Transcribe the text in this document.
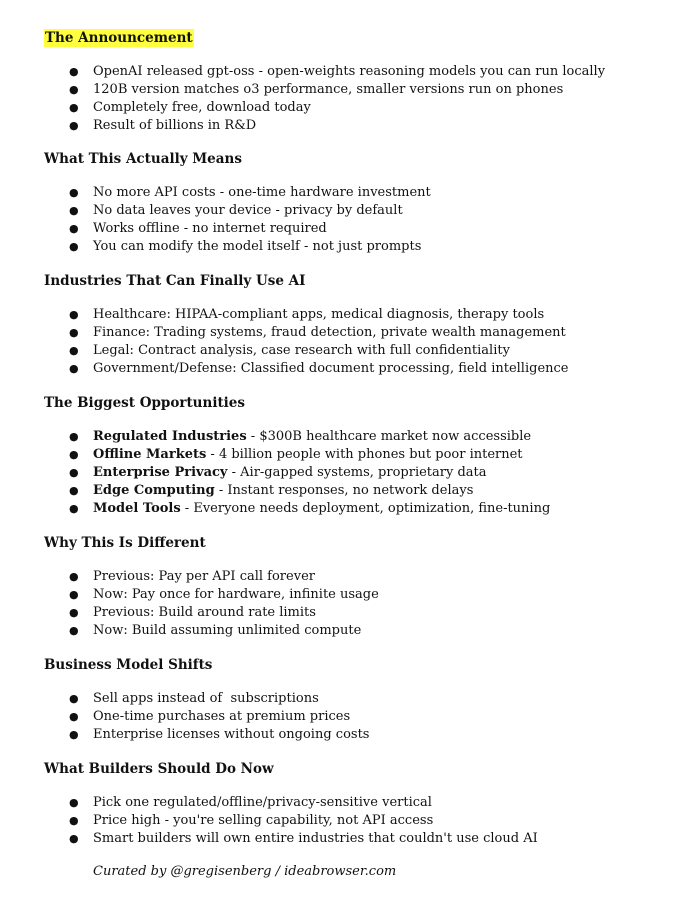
The Announcement
● OpenAI released gpt-oss - open-weights reasoning models you can run locally
● 120B version matches o3 performance, smaller versions run on phones
● Completely free, download today
● Result of billions in R&D
What This Actually Means
● No more API costs - one-time hardware investment
● No data leaves your device - privacy by default
● Works offline - no internet required
● You can modify the model itself - not just prompts
Industries That Can Finally Use AI
● Healthcare: HIPAA-compliant apps, medical diagnosis, therapy tools
● Finance: Trading systems, fraud detection, private wealth management
● Legal: Contract analysis, case research with full confidentiality
● Government/Defense: Classified document processing, field intelligence
The Biggest Opportunities
● Regulated Industries - $300B healthcare market now accessible
● Offline Markets - 4 billion people with phones but poor internet
● Enterprise Privacy - Air-gapped systems, proprietary data
● Edge Computing - Instant responses, no network delays
● Model Tools - Everyone needs deployment, optimization, fine-tuning
Why This Is Different
● Previous: Pay per API call forever
● Now: Pay once for hardware, infinite usage
● Previous: Build around rate limits
● Now: Build assuming unlimited compute
Business Model Shifts
● Sell apps instead of  subscriptions
● One-time purchases at premium prices
● Enterprise licenses without ongoing costs
What Builders Should Do Now
● Pick one regulated/offline/privacy-sensitive vertical
● Price high - you're selling capability, not API access
● Smart builders will own entire industries that couldn't use cloud AI
Curated by @gregisenberg / ideabrowser.com
